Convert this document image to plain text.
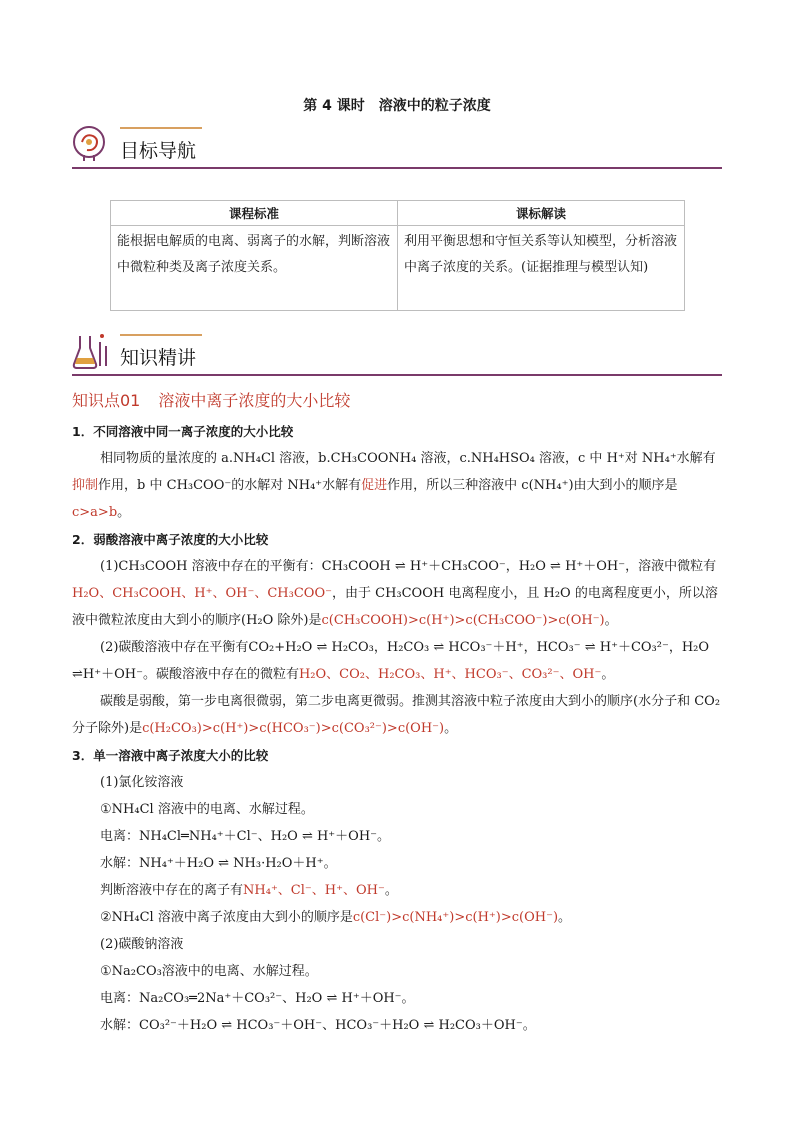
第 4 课时　溶液中的粒子浓度
目标导航
课程标准	课标解读
能根据电解质的电离、弱离子的水解，判断溶液中微粒种类及离子浓度关系。	利用平衡思想和守恒关系等认知模型，分析溶液中离子浓度的关系。(证据推理与模型认知)
知识精讲
知识点01 溶液中离子浓度的大小比较

1．不同溶液中同一离子浓度的大小比较

相同物质的量浓度的 a.NH₄Cl 溶液，b.CH₃COONH₄ 溶液，c.NH₄HSO₄ 溶液，c 中 H⁺对 NH₄⁺水解有抑制作用，b 中 CH₃COO⁻的水解对 NH₄⁺水解有促进作用，所以三种溶液中 c(NH₄⁺)由大到小的顺序是 c>a>b。

2．弱酸溶液中离子浓度的大小比较

(1)CH₃COOH 溶液中存在的平衡有：CH₃COOH ⇌ H⁺＋CH₃COO⁻，H₂O ⇌ H⁺＋OH⁻，溶液中微粒有H₂O、CH₃COOH、H⁺、OH⁻、CH₃COO⁻，由于 CH₃COOH 电离程度小，且 H₂O 的电离程度更小，所以溶液中微粒浓度由大到小的顺序(H₂O 除外)是c(CH₃COOH)>c(H⁺)>c(CH₃COO⁻)>c(OH⁻)。

(2)碳酸溶液中存在平衡有CO₂+H₂O ⇌ H₂CO₃，H₂CO₃ ⇌ HCO₃⁻＋H⁺，HCO₃⁻ ⇌ H⁺＋CO₃²⁻，H₂O ⇌H⁺＋OH⁻。碳酸溶液中存在的微粒有H₂O、CO₂、H₂CO₃、H⁺、HCO₃⁻、CO₃²⁻、OH⁻。

碳酸是弱酸，第一步电离很微弱，第二步电离更微弱。推测其溶液中粒子浓度由大到小的顺序(水分子和 CO₂分子除外)是c(H₂CO₃)>c(H⁺)>c(HCO₃⁻)>c(CO₃²⁻)>c(OH⁻)。

3．单一溶液中离子浓度大小的比较

(1)氯化铵溶液

①NH₄Cl 溶液中的电离、水解过程。

电离：NH₄Cl═NH₄⁺＋Cl⁻、H₂O ⇌ H⁺＋OH⁻。

水解：NH₄⁺＋H₂O ⇌ NH₃·H₂O＋H⁺。

判断溶液中存在的离子有NH₄⁺、Cl⁻、H⁺、OH⁻。

②NH₄Cl 溶液中离子浓度由大到小的顺序是c(Cl⁻)>c(NH₄⁺)>c(H⁺)>c(OH⁻)。

(2)碳酸钠溶液

①Na₂CO₃溶液中的电离、水解过程。

电离：Na₂CO₃═2Na⁺＋CO₃²⁻、H₂O ⇌ H⁺＋OH⁻。

水解：CO₃²⁻＋H₂O ⇌ HCO₃⁻＋OH⁻、HCO₃⁻＋H₂O ⇌ H₂CO₃＋OH⁻。
